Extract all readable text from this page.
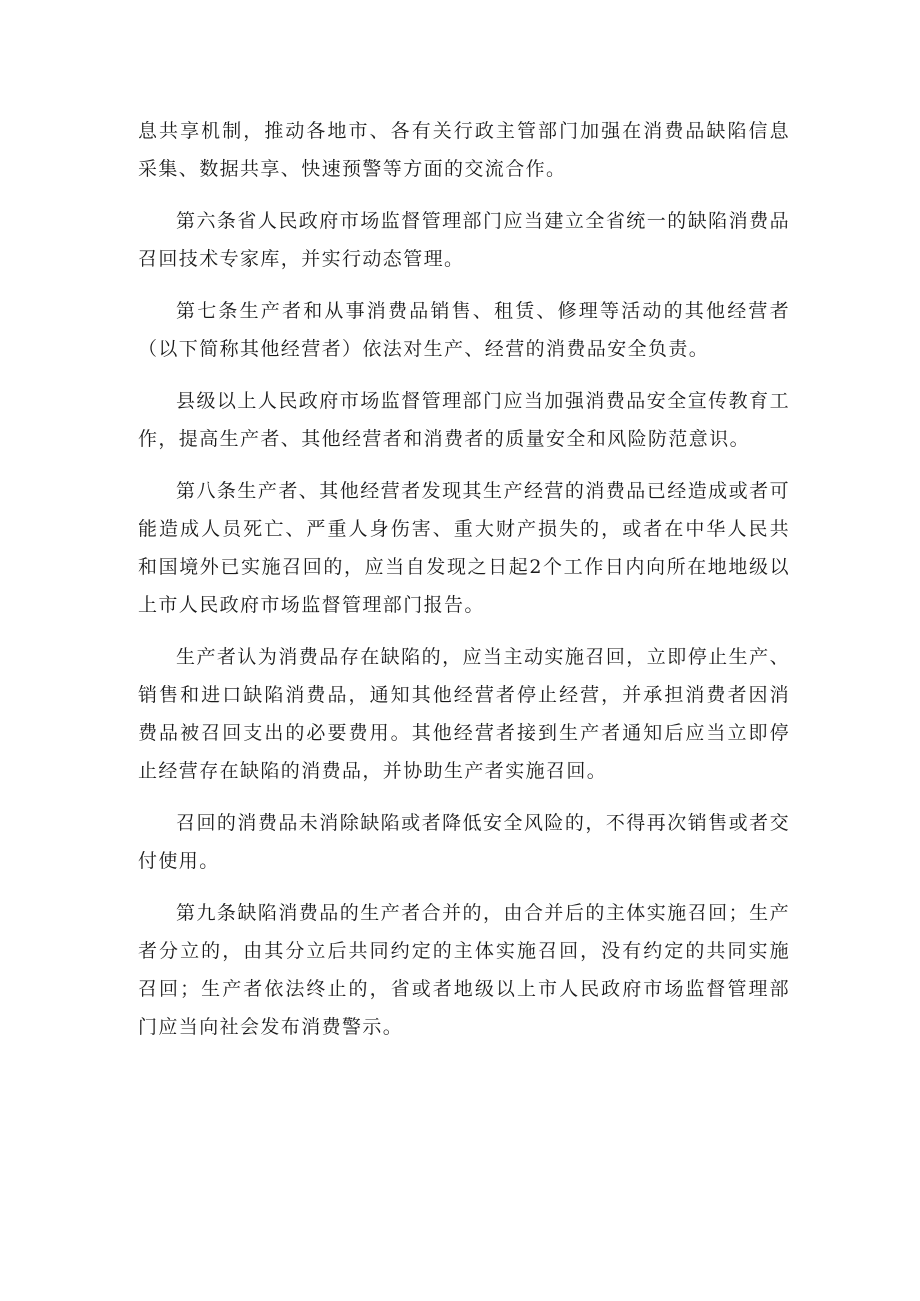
息共享机制，推动各地市、各有关行政主管部门加强在消费品缺陷信息采集、数据共享、快速预警等方面的交流合作。

第六条省人民政府市场监督管理部门应当建立全省统一的缺陷消费品召回技术专家库，并实行动态管理。

第七条生产者和从事消费品销售、租赁、修理等活动的其他经营者（以下简称其他经营者）依法对生产、经营的消费品安全负责。

县级以上人民政府市场监督管理部门应当加强消费品安全宣传教育工作，提高生产者、其他经营者和消费者的质量安全和风险防范意识。

第八条生产者、其他经营者发现其生产经营的消费品已经造成或者可能造成人员死亡、严重人身伤害、重大财产损失的，或者在中华人民共和国境外已实施召回的，应当自发现之日起2个工作日内向所在地地级以上市人民政府市场监督管理部门报告。

生产者认为消费品存在缺陷的，应当主动实施召回，立即停止生产、销售和进口缺陷消费品，通知其他经营者停止经营，并承担消费者因消费品被召回支出的必要费用。其他经营者接到生产者通知后应当立即停止经营存在缺陷的消费品，并协助生产者实施召回。

召回的消费品未消除缺陷或者降低安全风险的，不得再次销售或者交付使用。

第九条缺陷消费品的生产者合并的，由合并后的主体实施召回；生产者分立的，由其分立后共同约定的主体实施召回，没有约定的共同实施召回；生产者依法终止的，省或者地级以上市人民政府市场监督管理部门应当向社会发布消费警示。
